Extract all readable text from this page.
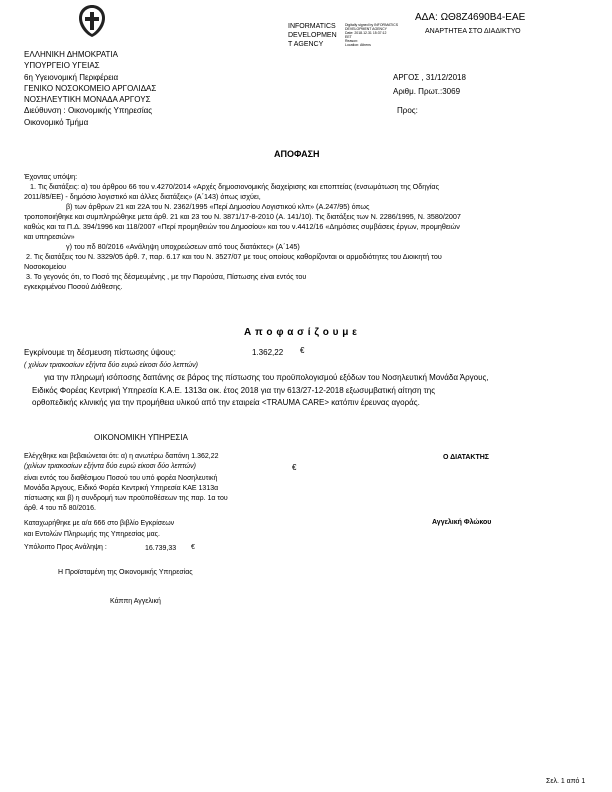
ΑΔΑ: ΩΘ8Ζ4690Β4-ΕΑΕ
ΑΝΑΡΤΗΤΕΑ ΣΤΟ ΔΙΑΔΙΚΤΥΟ
INFORMATICS
DEVELOPMEN
T AGENCY
Digitally signed by INFORMATICS
DEVELOPMENT AGENCY
Date: 2018.12.31 15:37:12
EET
Reason:
Location: Athens
ΕΛΛΗΝΙΚΗ ΔΗΜΟΚΡΑΤΙΑ
ΥΠΟΥΡΓΕΙΟ ΥΓΕΙΑΣ
6η Υγειονομική Περιφέρεια
ΓΕΝΙΚΟ ΝΟΣΟΚΟΜΕΙΟ ΑΡΓΟΛΙΔΑΣ
ΝΟΣΗΛΕΥΤΙΚΗ ΜΟΝΑΔΑ ΑΡΓΟΥΣ
Διεύθυνση : Οικονομικής Υπηρεσίας
Οικονομικό Τμήμα
ΑΡΓΟΣ , 31/12/2018
Αριθμ. Πρωτ.:3069
Προς:
ΑΠΟΦΑΣΗ
Έχοντας υπόψη:
1. Τις διατάξεις: α) του άρθρου 66 του ν.4270/2014 «Αρχές δημοσιονομικής διαχείρισης και εποπτείας (ενσωμάτωση της Οδηγίας
2011/85/ΕΕ) - δημόσιο λογιστικό και άλλες διατάξεις» (Α΄143) όπως ισχύει,
β) των άρθρων 21 και 22Α του Ν. 2362/1995 «Περί Δημοσίου Λογιστικού κλπ» (Α.247/95) όπως
τροποποιήθηκε και συμπληρώθηκε μετα άρθ. 21 και 23 του Ν. 3871/17-8-2010 (Α. 141/10). Τις διατάξεις των Ν. 2286/1995, Ν. 3580/2007
καθώς και τα Π.Δ. 394/1996 και 118/2007 «Περί προμηθειών του Δημοσίου» και του ν.4412/16 «Δημόσιες συμβάσεις έργων, προμηθειών
και υπηρεσιών»
γ) του πδ 80/2016 «Ανάληψη υποχρεώσεων από τους διατάκτες» (Α΄145)
2. Τις διατάξεις του Ν. 3329/05 άρθ. 7, παρ. 6.17 και του Ν. 3527/07 με τους οποίους καθορίζονται οι αρμοδιότητες του Διοικητή του
Νοσοκομείου
3. Το γεγονός ότι, το Ποσό της δέσμευμένης , με την Παρούσα, Πίστωσης είναι εντός του
εγκεκριμένου Ποσού Διάθεσης.
Α π ο φ α σ ί ζ ο υ μ ε
Εγκρίνουμε τη δέσμευση πίστωσης ύψους:	1.362,22 €
( χιλίων τριακοσίων εξήντα δύο ευρώ είκοσι δύο λεπτών)
για την πληρωμή ισόποσης δαπάνης σε βάρος της πίστωσης του προϋπολογισμού εξόδων του Νοσηλευτική Μονάδα Άργους,
Ειδικός Φορέας Κεντρική Υπηρεσία Κ.Α.Ε. 1313α οικ. έτος 2018 για την 613/27-12-2018 εξωσυμβατική αίτηση της
ορθοπεδικής κλινικής για την προμήθεια υλικού από την εταιρεία <TRAUMA CARE> κατόπιν έρευνας αγοράς.
ΟΙΚΟΝΟΜΙΚΗ ΥΠΗΡΕΣΙΑ
Ελέγχθηκε και βεβαιώνεται ότι: α) η ανωτέρω δαπάνη 1.362,22
(χιλίων τριακοσίων εξήντα δύο ευρώ είκοσι δύο λεπτών)	€
είναι εντός του διαθέσιμου Ποσού του υπό φορέα Νοσηλευτική
Μονάδα Άργους, Ειδικό Φορέα Κεντρική Υπηρεσία ΚΑΕ 1313α
πίστωσης και β) η συνδρομή των προϋποθέσεων της παρ. 1α του
άρθ. 4 του πδ 80/2016.
Καταχωρήθηκε με α/α 666 στο βιβλίο Εγκρίσεων
και Εντολών Πληρωμής της Υπηρεσίας μας.
Υπόλοιπο Προς Ανάληψη :	16.739,33 €
Η Προϊσταμένη της Οικονομικής Υπηρεσίας
Κάππη Αγγελική
Ο ΔΙΑΤΑΚΤΗΣ
Αγγελική Φλώκου
Σελ. 1 από 1
